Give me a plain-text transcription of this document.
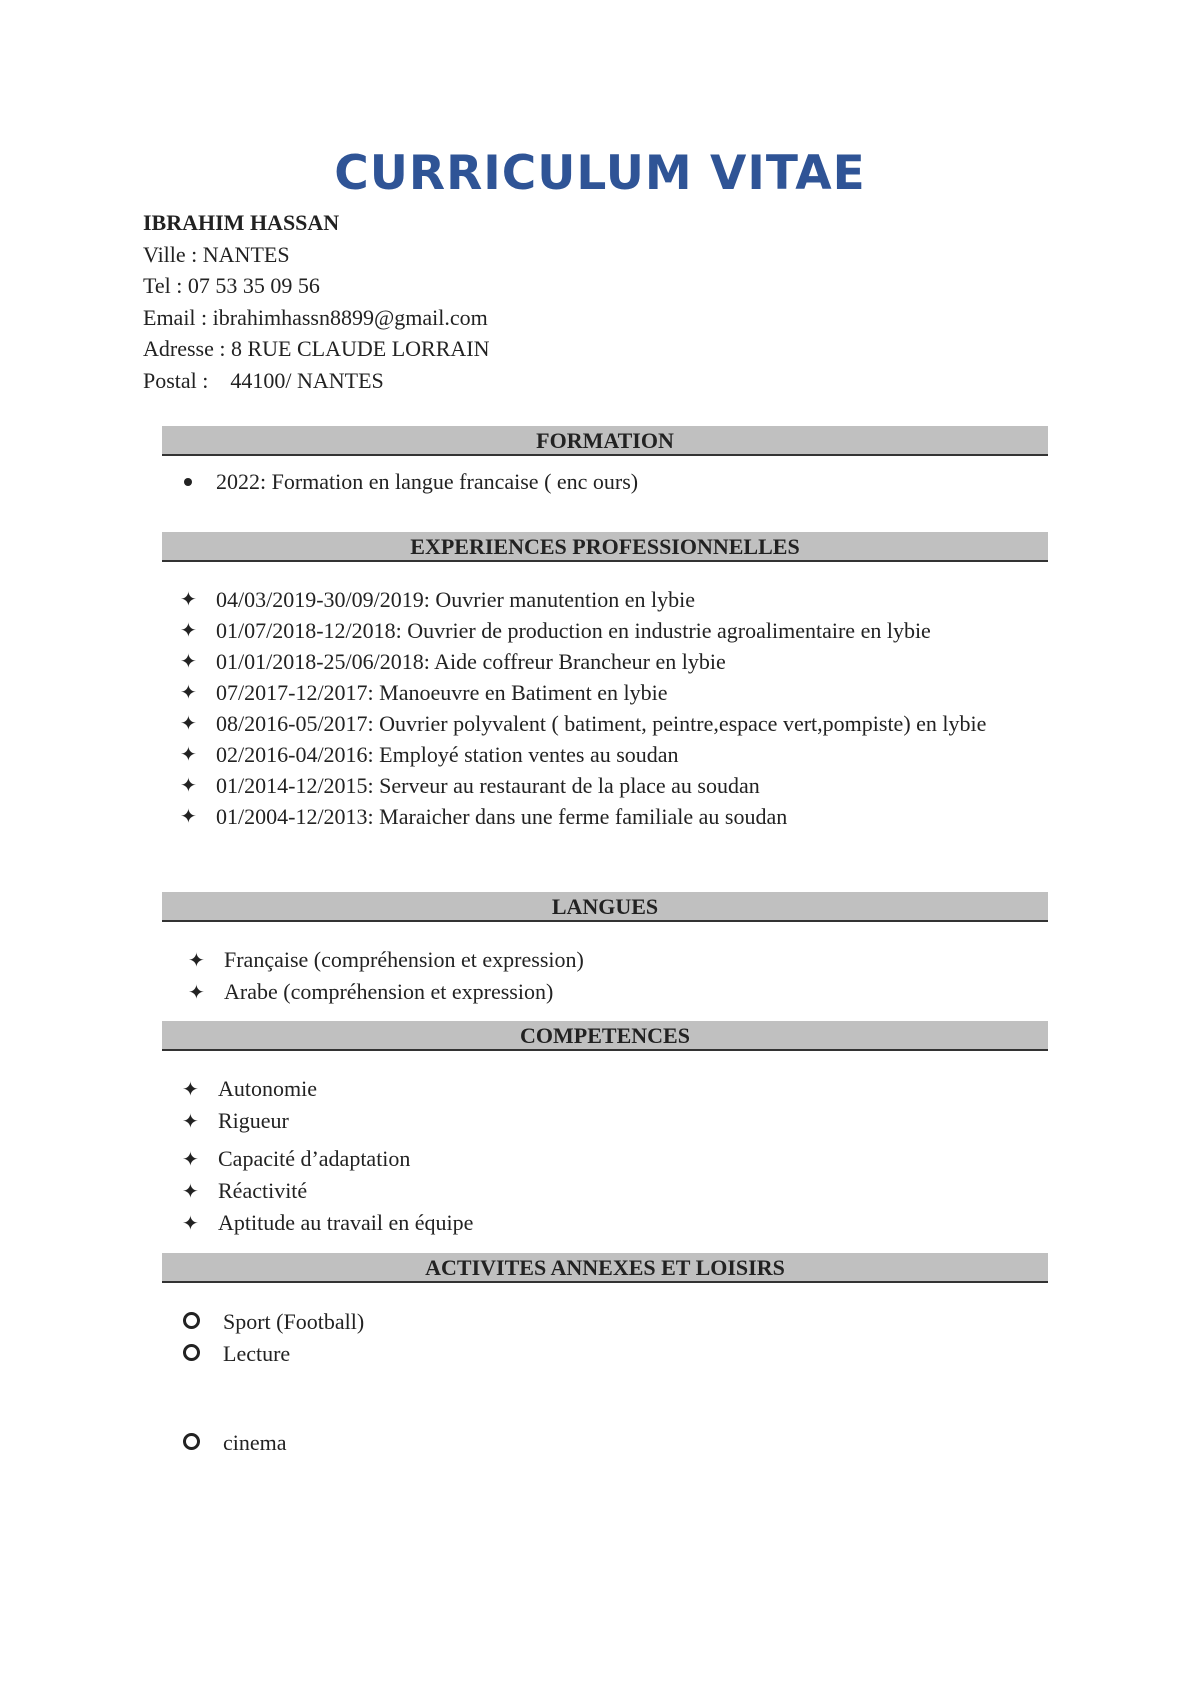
CURRICULUM VITAE
IBRAHIM HASSAN
Ville : NANTES
Tel : 07 53 35 09 56
Email : ibrahimhassn8899@gmail.com
Adresse : 8 RUE CLAUDE LORRAIN
Postal : 44100/ NANTES
FORMATION
2022: Formation en langue francaise ( enc ours)
EXPERIENCES PROFESSIONNELLES
✦ 04/03/2019-30/09/2019: Ouvrier manutention en lybie
✦ 01/07/2018-12/2018: Ouvrier de production en industrie agroalimentaire en lybie
✦ 01/01/2018-25/06/2018: Aide coffreur Brancheur en lybie
✦ 07/2017-12/2017: Manoeuvre en Batiment en lybie
✦ 08/2016-05/2017: Ouvrier polyvalent ( batiment, peintre,espace vert,pompiste) en lybie
✦ 02/2016-04/2016: Employé station ventes au soudan
✦ 01/2014-12/2015: Serveur au restaurant de la place au soudan
✦ 01/2004-12/2013: Maraicher dans une ferme familiale au soudan
LANGUES
✦ Française (compréhension et expression)
✦ Arabe (compréhension et expression)
COMPETENCES
✦ Autonomie
✦ Rigueur
✦ Capacité d’adaptation
✦ Réactivité
✦ Aptitude au travail en équipe
ACTIVITES ANNEXES ET LOISIRS
Sport (Football)
Lecture
cinema
